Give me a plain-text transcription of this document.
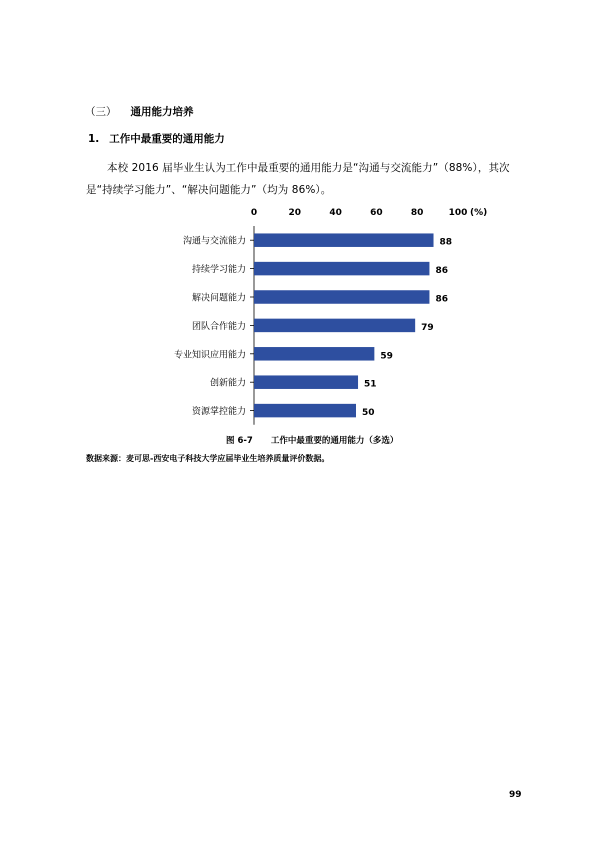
（三） 通用能力培养
1. 工作中最重要的通用能力
本校 2016 届毕业生认为工作中最重要的通用能力是“沟通与交流能力”（88%），其次是“持续学习能力”、“解决问题能力”（均为 86%）。
0	20	40	60	80	100 (%)
沟通与交流能力	88
持续学习能力	86
解决问题能力	86
团队合作能力	79
专业知识应用能力	59
创新能力	51
资源掌控能力	50
图 6-7 工作中最重要的通用能力（多选）
数据来源：麦可思-西安电子科技大学应届毕业生培养质量评价数据。
99
